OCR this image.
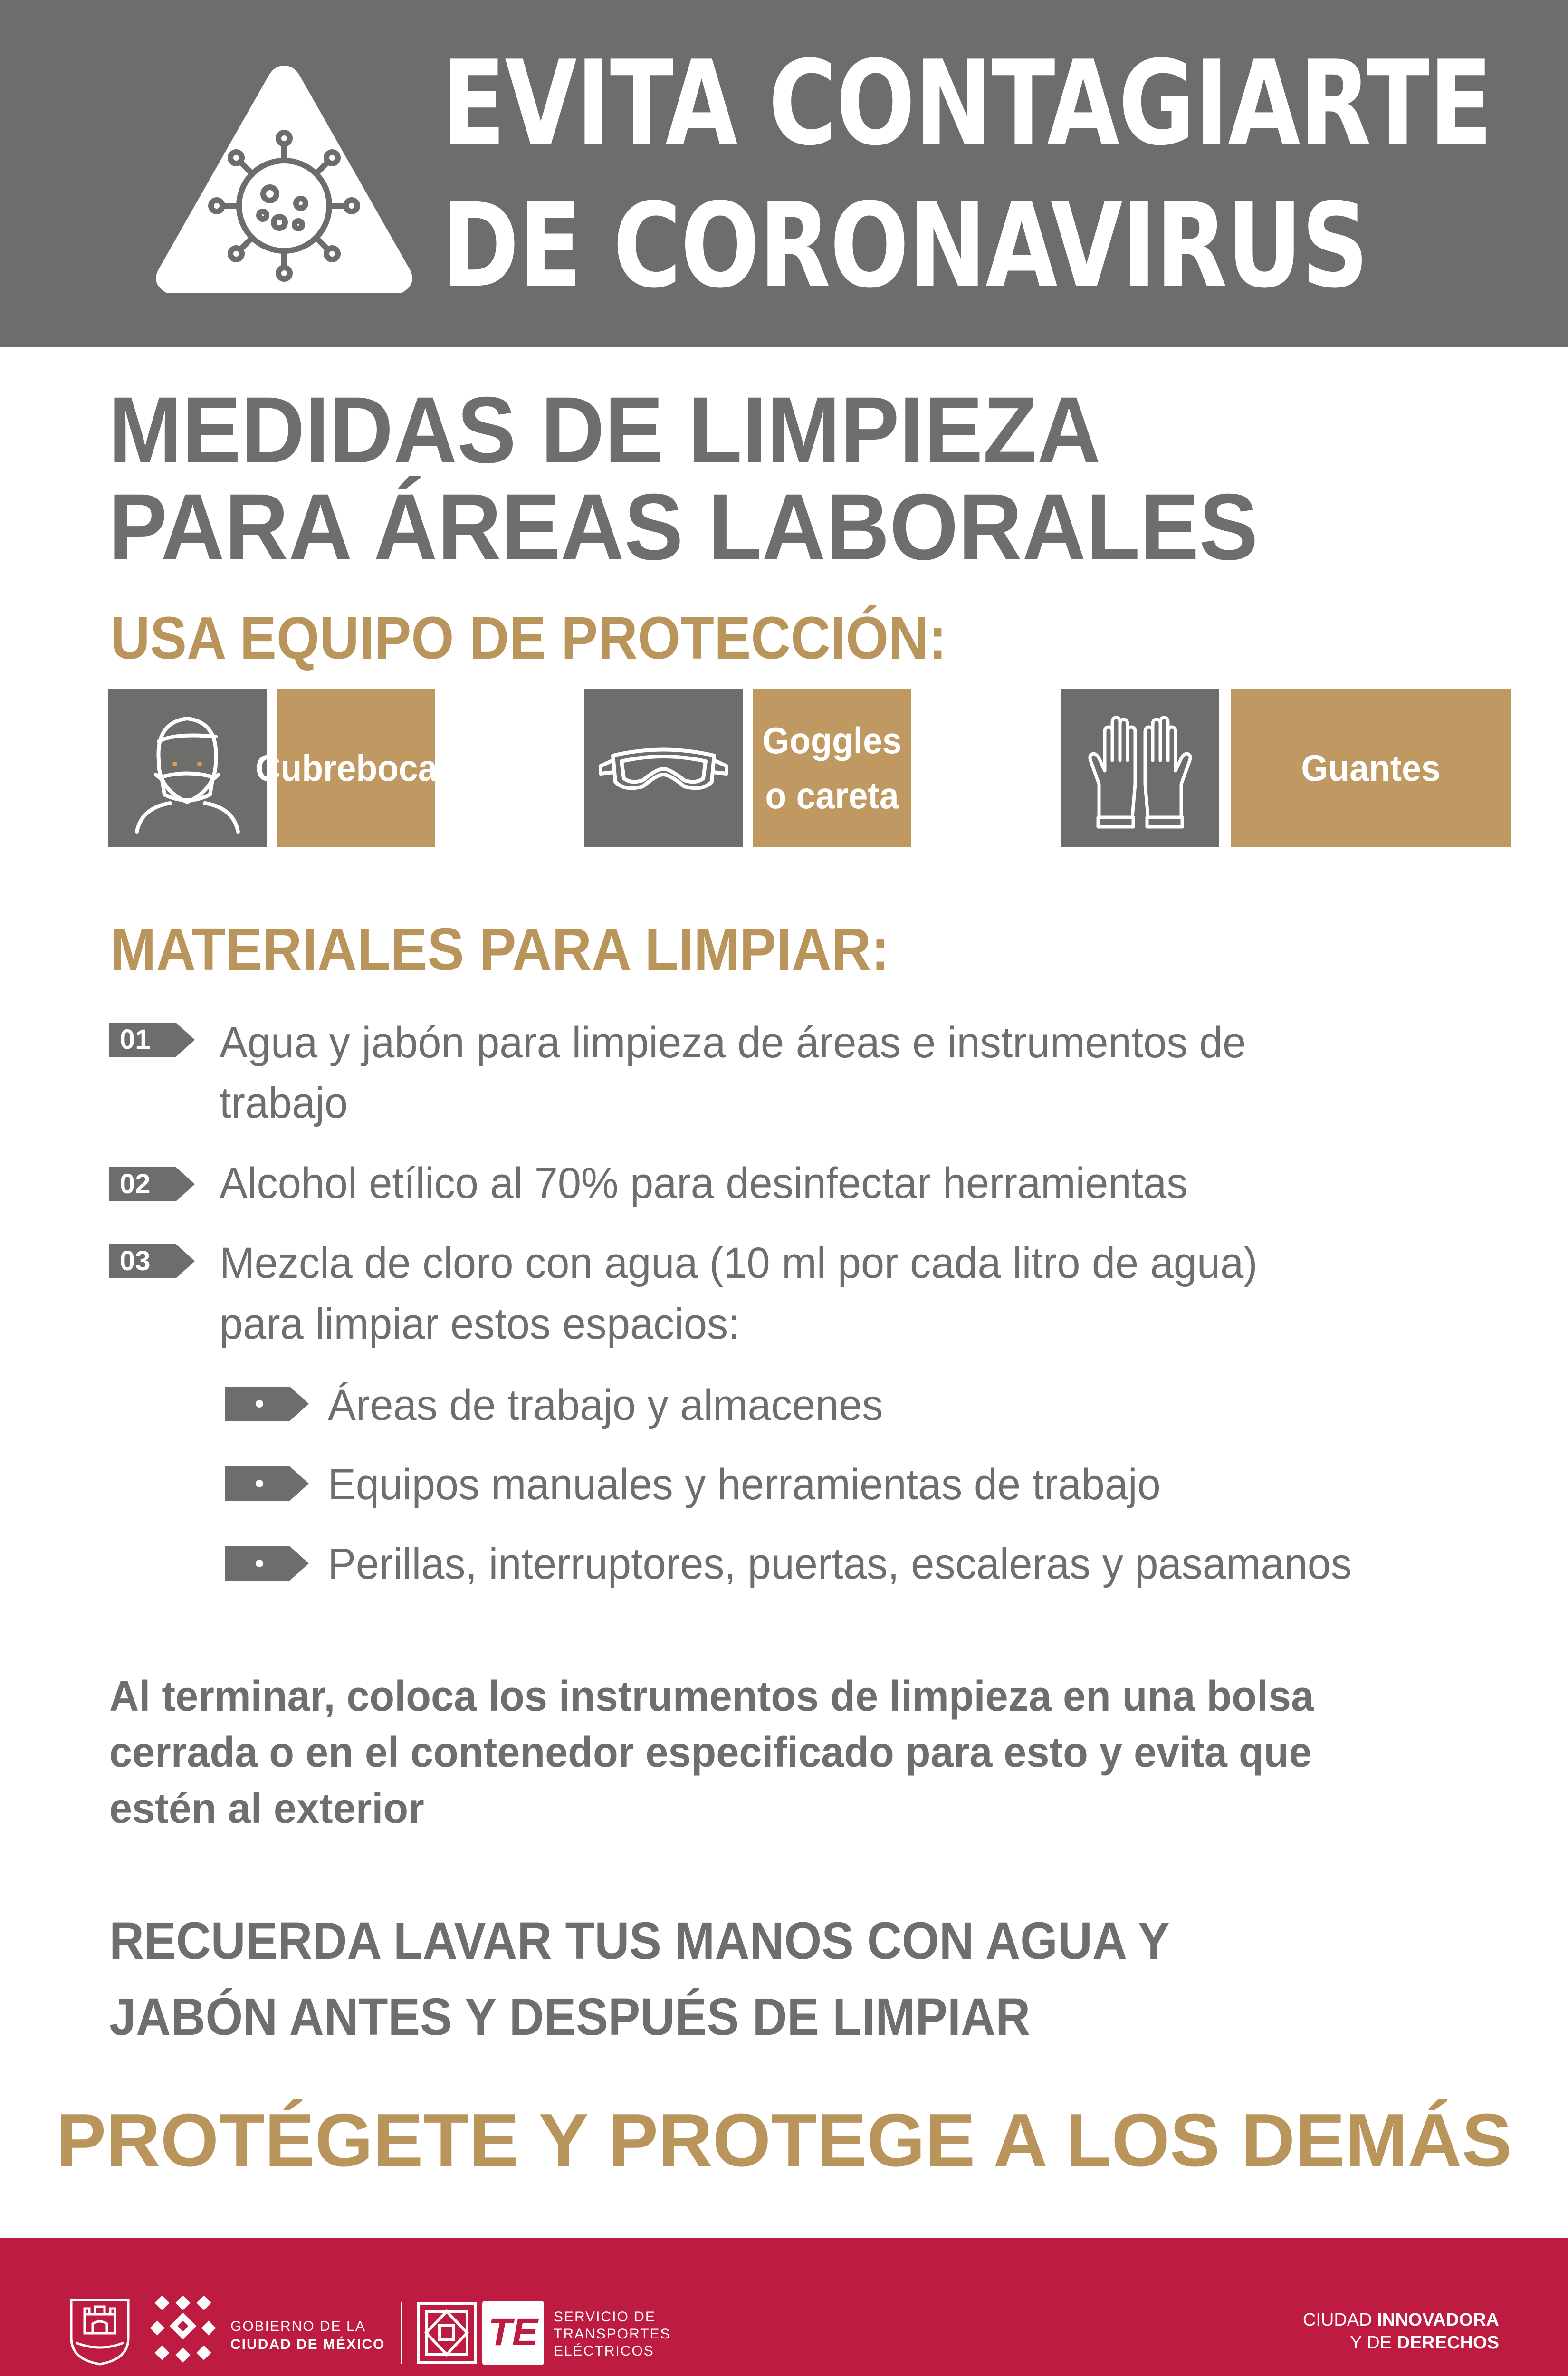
EVITA CONTAGIARTE
DE CORONAVIRUS
MEDIDAS DE LIMPIEZA
PARA ÁREAS LABORALES
USA EQUIPO DE PROTECCIÓN:
Cubrebocas
Goggles
o careta
Guantes
MATERIALES PARA LIMPIAR:
01 Agua y jabón para limpieza de áreas e instrumentos de
trabajo
02 Alcohol etílico al 70% para desinfectar herramientas
03 Mezcla de cloro con agua (10 ml por cada litro de agua)
para limpiar estos espacios:
Áreas de trabajo y almacenes
Equipos manuales y herramientas de trabajo
Perillas, interruptores, puertas, escaleras y pasamanos
Al terminar, coloca los instrumentos de limpieza en una bolsa
cerrada o en el contenedor especificado para esto y evita que
estén al exterior
RECUERDA LAVAR TUS MANOS CON AGUA Y
JABÓN ANTES Y DESPUÉS DE LIMPIAR
PROTÉGETE Y PROTEGE A LOS DEMÁS
GOBIERNO DE LA
CIUDAD DE MÉXICO	TE	SERVICIO DE
TRANSPORTES
ELÉCTRICOS
CIUDAD INNOVADORA
Y DE DERECHOS
